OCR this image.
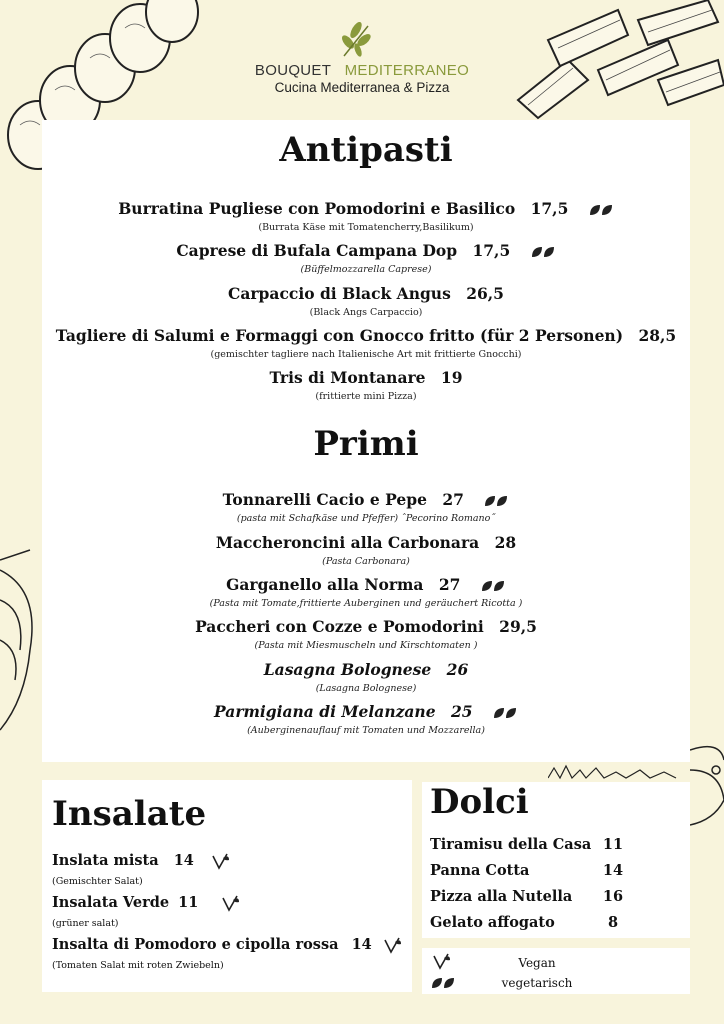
BOUQUET MEDITERRANEO
Cucina Mediterranea & Pizza
Antipasti
Burratina Pugliese con Pomodorini e Basilico 17,5
(Burrata Käse mit Tomatencherry,Basilikum)
Caprese di Bufala Campana Dop 17,5
(Büffelmozzarella Caprese)
Carpaccio di Black Angus 26,5
(Black Angs Carpaccio)
Tagliere di Salumi e Formaggi con Gnocco fritto (für 2 Personen) 28,5
(gemischter tagliere nach Italienische Art mit frittierte Gnocchi)
Tris di Montanare 19
(frittierte mini Pizza)
Primi
Tonnarelli Cacio e Pepe 27
(pasta mit Schafkäse und Pfeffer) ˆPecorino Romano˝
Maccheroncini alla Carbonara 28
(Pasta Carbonara)
Garganello alla Norma 27
(Pasta mit Tomate,frittierte Auberginen und geräuchert Ricotta )
Paccheri con Cozze e Pomodorini 29,5
(Pasta mit Miesmuscheln und Kirschtomaten )
Lasagna Bolognese 26
(Lasagna Bolognese)
Parmigiana di Melanzane 25
(Auberginenauflauf mit Tomaten und Mozzarella)
Insalate
Inslata mista 14
(Gemischter Salat)
Insalata Verde 11
(grüner salat)
Insalta di Pomodoro e cipolla rossa 14
(Tomaten Salat mit roten Zwiebeln)
Dolci
Tiramisu della Casa 11
Panna Cotta	14
Pizza alla Nutella	16
Gelato affogato	8
Vegan
vegetarisch
